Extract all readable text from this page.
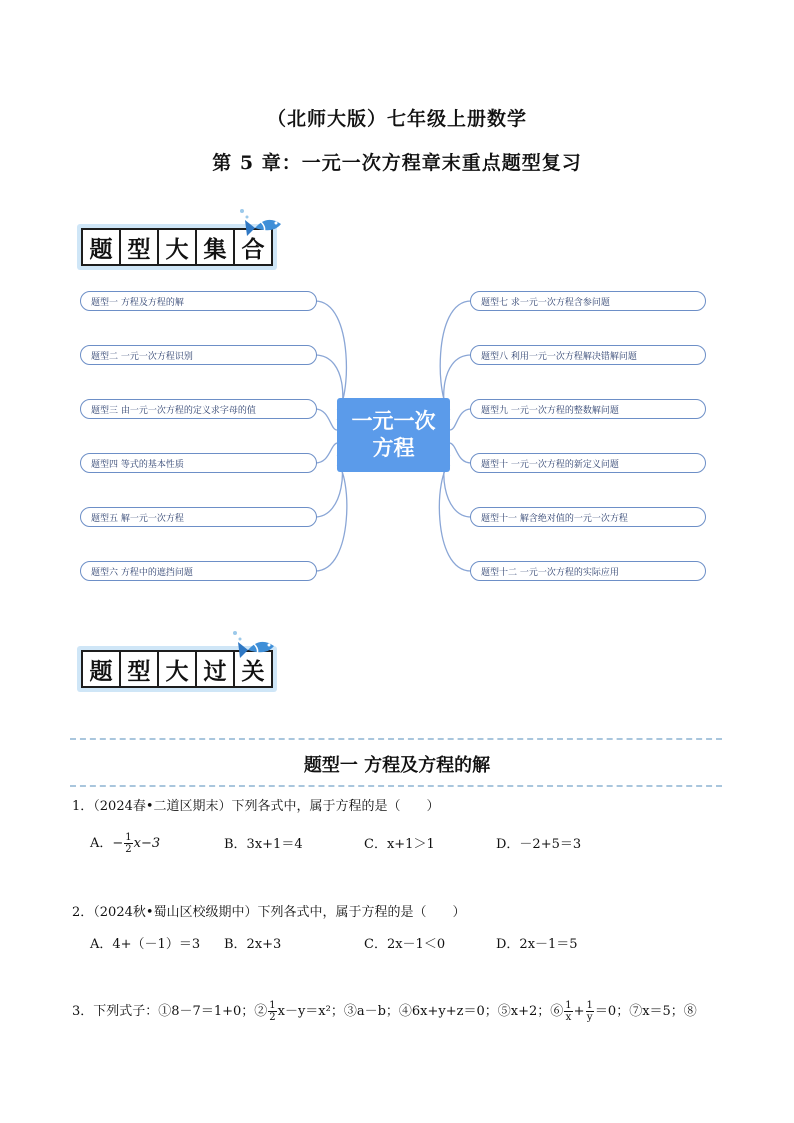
（北师大版）七年级上册数学
第 5 章：一元一次方程章末重点题型复习
题 型 大 集 合
题型一 方程及方程的解
题型二 一元一次方程识别
题型三 由一元一次方程的定义求字母的值
题型四 等式的基本性质
题型五 解一元一次方程
题型六 方程中的遮挡问题
一元一次方程
题型七 求一元一次方程含参问题
题型八 利用一元一次方程解决错解问题
题型九 一元一次方程的整数解问题
题型十 一元一次方程的新定义问题
题型十一 解含绝对值的一元一次方程
题型十二 一元一次方程的实际应用
题 型 大 过 关
题型一 方程及方程的解
1．（2024春•二道区期末）下列各式中，属于方程的是（　　）
A．− $\frac{1}{2} x-3$	B．3x+1＝4	C．x+1＞1	D．－2+5＝3
2．（2024秋•蜀山区校级期中）下列各式中，属于方程的是（　　）
A．4+（－1）＝3 B．2x+3	C．2x－1＜0	D．2x－1＝5
3．下列式子：①8－7＝1+0；② $\frac{1}{2} x-y=x^2$；③a－b；④6x+y+z＝0；⑤x+2；⑥ $\frac{1}{x} + \frac{1}{y} =0$；⑦x＝5；⑧
